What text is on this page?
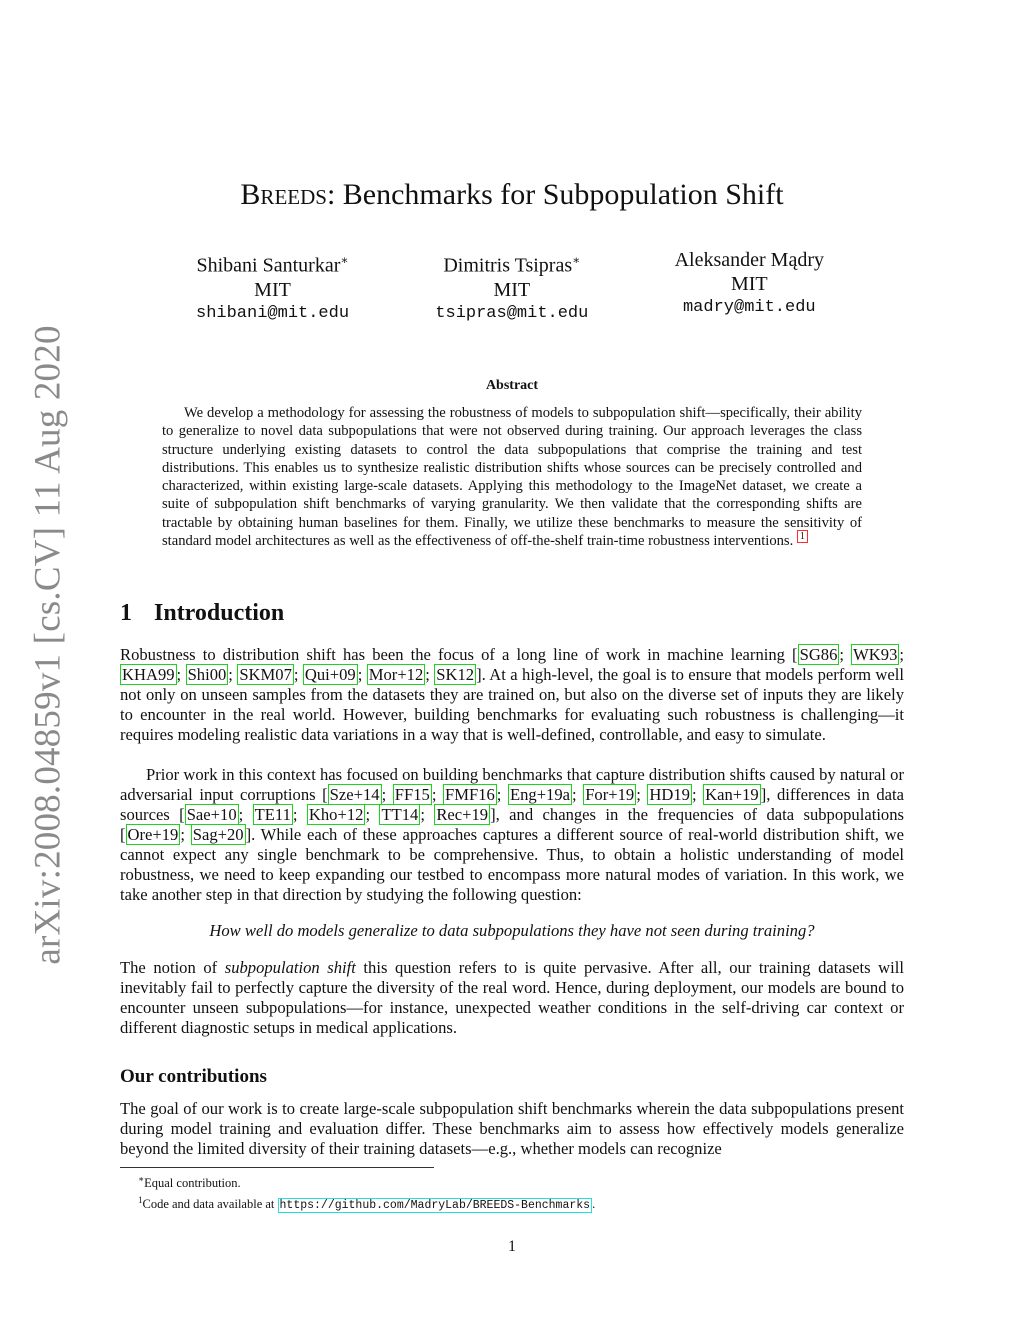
arXiv:2008.04859v1 [cs.CV] 11 Aug 2020
Breeds: Benchmarks for Subpopulation Shift
Shibani Santurkar∗
MIT
shibani@mit.edu
Dimitris Tsipras∗
MIT
tsipras@mit.edu
Aleksander Mądry
MIT
madry@mit.edu
Abstract
We develop a methodology for assessing the robustness of models to subpopulation shift—specifically, their ability to generalize to novel data subpopulations that were not observed during training. Our approach leverages the class structure underlying existing datasets to control the data subpopulations that comprise the training and test distributions. This enables us to synthesize realistic distribution shifts whose sources can be precisely controlled and characterized, within existing large-scale datasets. Applying this methodology to the ImageNet dataset, we create a suite of subpopulation shift benchmarks of varying granularity. We then validate that the corresponding shifts are tractable by obtaining human baselines for them. Finally, we utilize these benchmarks to measure the sensitivity of standard model architectures as well as the effectiveness of off-the-shelf train-time robustness interventions. $^1$
1 Introduction
Robustness to distribution shift has been the focus of a long line of work in machine learning [ SG86 ; WK93 ; KHA99 ; Shi00 ; SKM07 ; Qui+09 ; Mor+12 ; SK12 ]. At a high-level, the goal is to ensure that models perform well not only on unseen samples from the datasets they are trained on, but also on the diverse set of inputs they are likely to encounter in the real world. However, building benchmarks for evaluating such robustness is challenging—it requires modeling realistic data variations in a way that is well-defined, controllable, and easy to simulate.
Prior work in this context has focused on building benchmarks that capture distribution shifts caused by natural or adversarial input corruptions [ Sze+14 ; FF15 ; FMF16 ; Eng+19a ; For+19 ; HD19 ; Kan+19 ], differences in data sources [ Sae+10 ; TE11 ; Kho+12 ; TT14 ; Rec+19 ], and changes in the frequencies of data subpopulations [ Ore+19 ; Sag+20 ]. While each of these approaches captures a different source of real-world distribution shift, we cannot expect any single benchmark to be comprehensive. Thus, to obtain a holistic understanding of model robustness, we need to keep expanding our testbed to encompass more natural modes of variation. In this work, we take another step in that direction by studying the following question:
How well do models generalize to data subpopulations they have not seen during training?
The notion of subpopulation shift this question refers to is quite pervasive. After all, our training datasets will inevitably fail to perfectly capture the diversity of the real word. Hence, during deployment, our models are bound to encounter unseen subpopulations—for instance, unexpected weather conditions in the self-driving car context or different diagnostic setups in medical applications.
Our contributions
The goal of our work is to create large-scale subpopulation shift benchmarks wherein the data subpopulations present during model training and evaluation differ. These benchmarks aim to assess how effectively models generalize beyond the limited diversity of their training datasets—e.g., whether models can recognize
∗Equal contribution.
$^1$Code and data available at https://github.com/MadryLab/BREEDS-Benchmarks .
1
